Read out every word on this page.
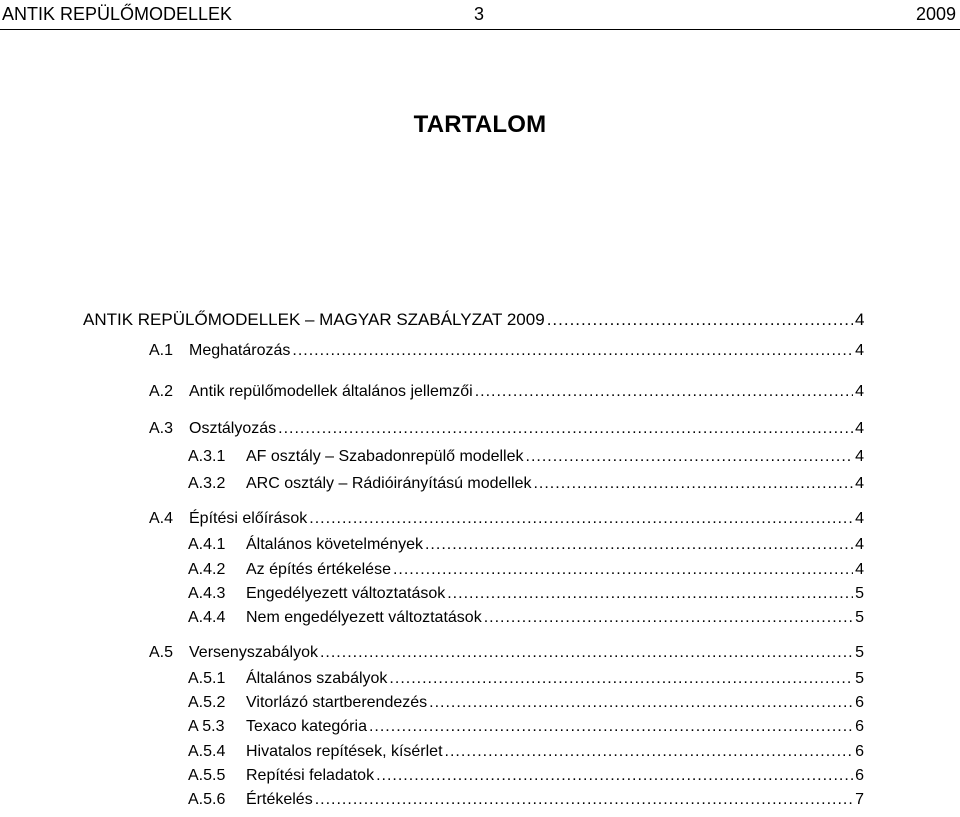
ANTIK REPÜLŐMODELLEK	3	2009
TARTALOM
ANTIK REPÜLŐMODELLEK – MAGYAR SZABÁLYZAT 2009 .....	4
A.1 Meghatározás .....	4
A.2 Antik repülőmodellek általános jellemzői .....	4
A.3 Osztályozás .....	4
A.3.1	AF osztály – Szabadonrepülő modellek .....	4
A.3.2	ARC osztály – Rádióirányítású modellek .....	4
A.4 Építési előírások .....	4
A.4.1	Általános követelmények .....	4
A.4.2	Az építés értékelése .....	4
A.4.3	Engedélyezett változtatások .....	5
A.4.4	Nem engedélyezett változtatások .....	5
A.5 Versenyszabályok .....	5
A.5.1	Általános szabályok .....	5
A.5.2	Vitorlázó startberendezés .....	6
A 5.3	Texaco kategória .....	6
A.5.4	Hivatalos repítések, kísérlet .....	6
A.5.5	Repítési feladatok .....	6
A.5.6	Értékelés .....	7
